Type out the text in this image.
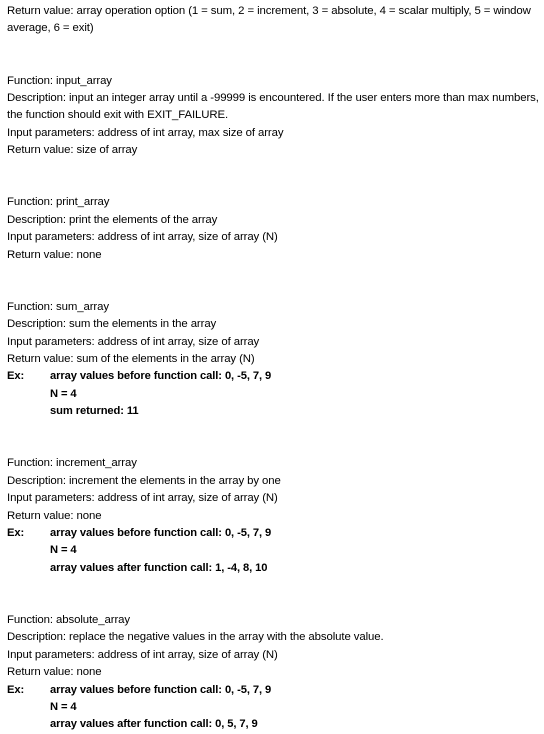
Return value: array operation option (1 = sum, 2 = increment, 3 = absolute, 4 = scalar multiply, 5 = window average, 6 = exit)
Function: input_array
Description: input an integer array until a -99999 is encountered. If the user enters more than max numbers, the function should exit with EXIT_FAILURE.
Input parameters: address of int array, max size of array
Return value: size of array
Function: print_array
Description: print the elements of the array
Input parameters: address of int array, size of array (N)
Return value: none
Function: sum_array
Description: sum the elements in the array
Input parameters: address of int array, size of array
Return value: sum of the elements in the array (N)
Ex: array values before function call: 0, -5, 7, 9
N = 4
sum returned: 11
Function: increment_array
Description: increment the elements in the array by one
Input parameters: address of int array, size of array (N)
Return value: none
Ex: array values before function call: 0, -5, 7, 9
N = 4
array values after function call: 1, -4, 8, 10
Function: absolute_array
Description: replace the negative values in the array with the absolute value.
Input parameters: address of int array, size of array (N)
Return value: none
Ex: array values before function call: 0, -5, 7, 9
N = 4
array values after function call: 0, 5, 7, 9
